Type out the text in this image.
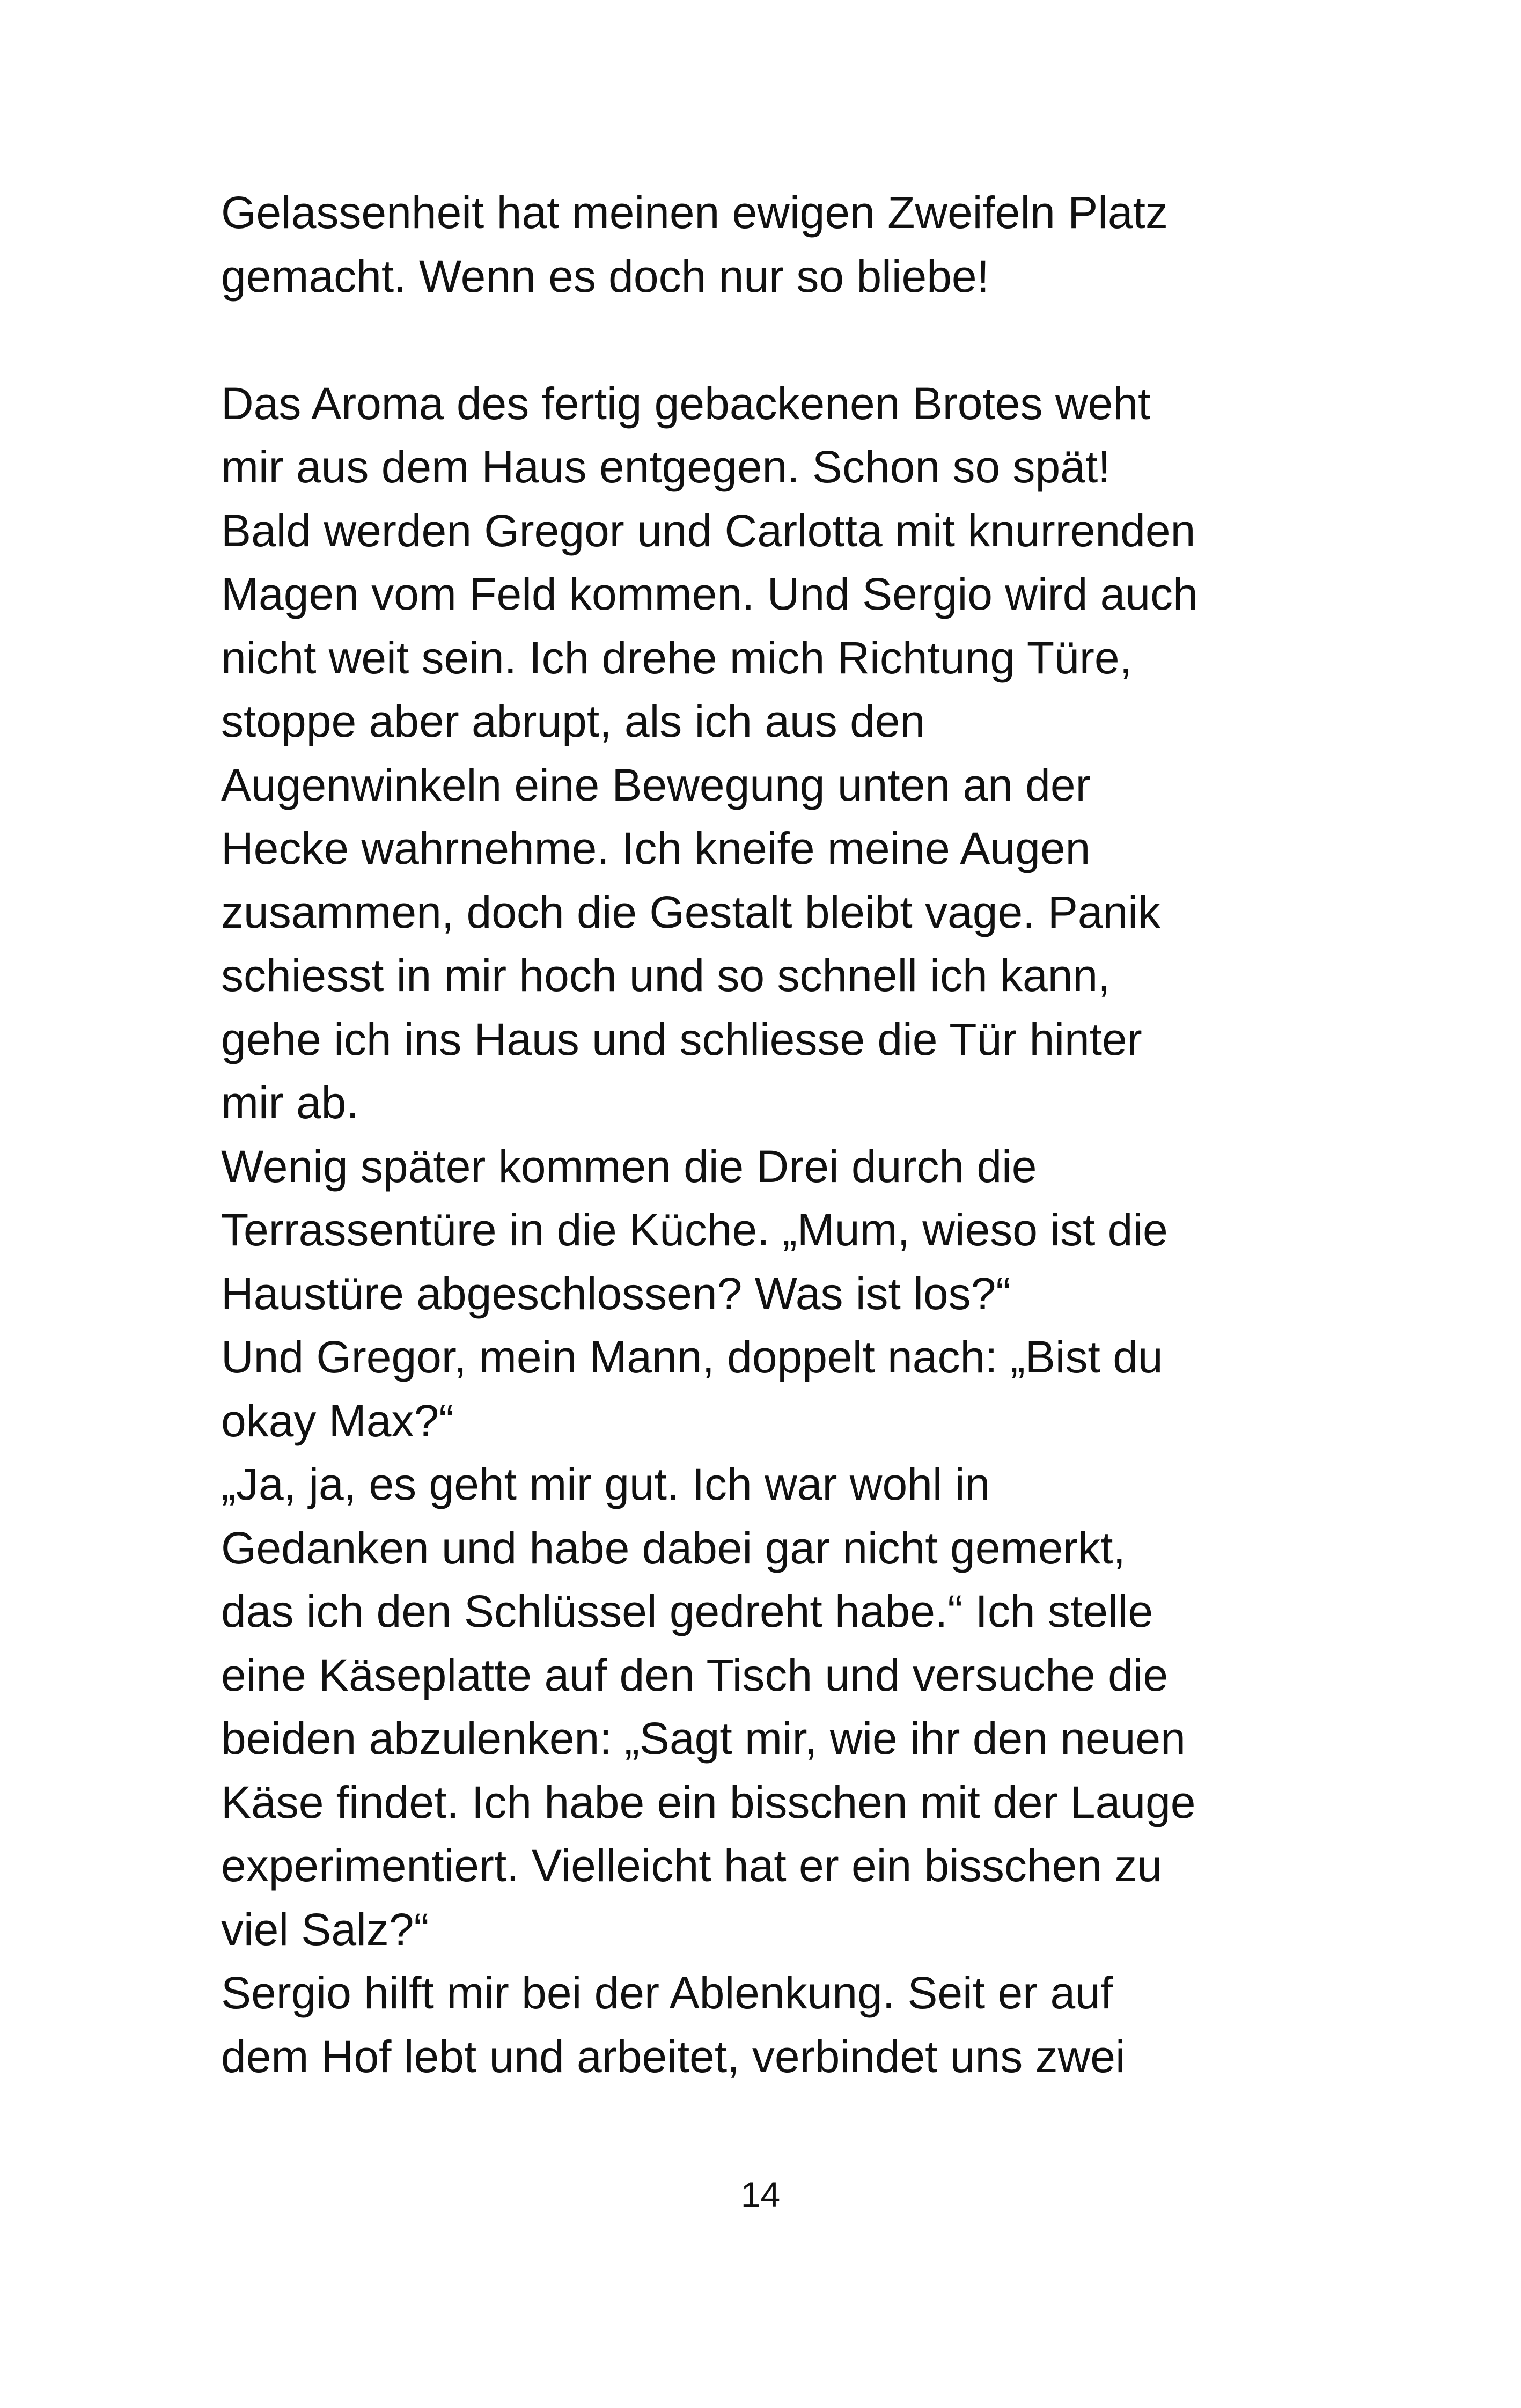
Gelassenheit hat meinen ewigen Zweifeln Platz
gemacht. Wenn es doch nur so bliebe!
Das Aroma des fertig gebackenen Brotes weht
mir aus dem Haus entgegen. Schon so spät!
Bald werden Gregor und Carlotta mit knurrenden
Magen vom Feld kommen. Und Sergio wird auch
nicht weit sein. Ich drehe mich Richtung Türe,
stoppe aber abrupt, als ich aus den
Augenwinkeln eine Bewegung unten an der
Hecke wahrnehme. Ich kneife meine Augen
zusammen, doch die Gestalt bleibt vage. Panik
schiesst in mir hoch und so schnell ich kann,
gehe ich ins Haus und schliesse die Tür hinter
mir ab.
Wenig später kommen die Drei durch die
Terrassentüre in die Küche. „Mum, wieso ist die
Haustüre abgeschlossen? Was ist los?“
Und Gregor, mein Mann, doppelt nach: „Bist du
okay Max?“
„Ja, ja, es geht mir gut. Ich war wohl in
Gedanken und habe dabei gar nicht gemerkt,
das ich den Schlüssel gedreht habe.“ Ich stelle
eine Käseplatte auf den Tisch und versuche die
beiden abzulenken: „Sagt mir, wie ihr den neuen
Käse findet. Ich habe ein bisschen mit der Lauge
experimentiert. Vielleicht hat er ein bisschen zu
viel Salz?“
Sergio hilft mir bei der Ablenkung. Seit er auf
dem Hof lebt und arbeitet, verbindet uns zwei
14
